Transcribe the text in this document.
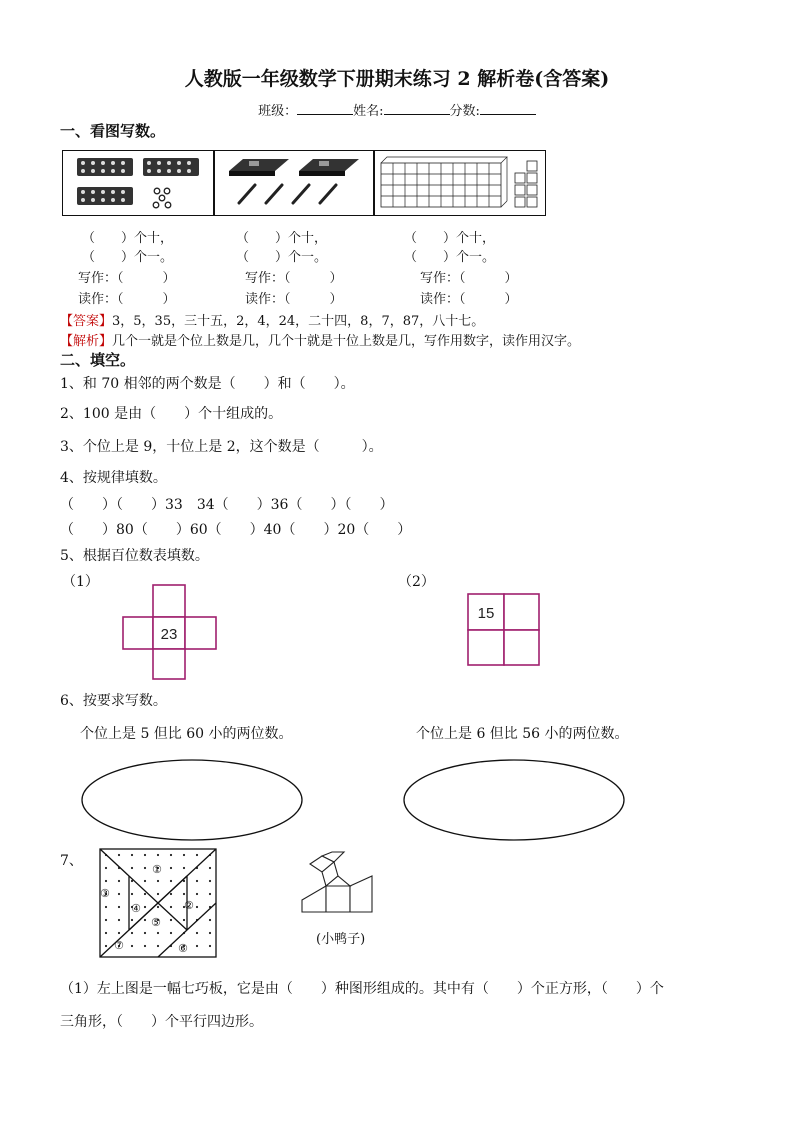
人教版一年级数学下册期末练习 2 解析卷(含答案)
班级：	姓名:	分数:
一、看图写数。
（　　）个十，
（　　）个一。
写作：（　　　）
读作：（　　　）
（　　）个十，
（　　）个一。
写作：（　　　）
读作：（　　　）
（　　）个十，
（　　）个一。
写作：（　　　）
读作：（　　　）
【答案】3，5，35，三十五，2，4，24，二十四，8，7，87，八十七。
【解析】几个一就是个位上数是几，几个十就是十位上数是几，写作用数字，读作用汉字。
二、填空。
1、和 70 相邻的两个数是（　　）和（　　）。
2、100 是由（　　）个十组成的。
3、个位上是 9，十位上是 2，这个数是（　　　）。
4、按规律填数。
（　　）（　　）33　34（　　）36（　　）（　　）
（　　）80（　　）60（　　）40（　　）20（　　）
5、根据百位数表填数。
（1）	（2）
23
15
6、按要求写数。
个位上是 5 但比 60 小的两位数。	个位上是 6 但比 56 小的两位数。
7、
①
②
③
④
⑤
⑥
⑦	(小鸭子)
（1）左上图是一幅七巧板，它是由（　　）种图形组成的。其中有（　　）个正方形，（　　）个
三角形，（　　）个平行四边形。
